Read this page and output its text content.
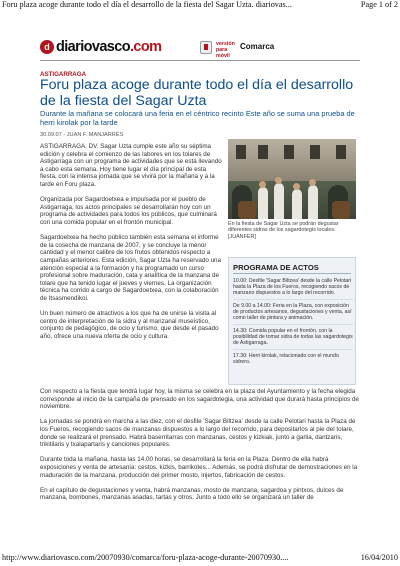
Foru plaza acoge durante todo el día el desarrollo de la fiesta del Sagar Uzta. diariovas...	Page 1 of 2
d diariovasco.com	versión para móvil
Comarca
ASTIGARRAGA
Foru plaza acoge durante todo el día el desarrollo de la fiesta del Sagar Uzta
Durante la mañana se colocará una feria en el céntrico recinto Este año se suma una prueba de herri kirolak por la tarde
30.09.07 - JUAN F. MANJARRÉS

ASTIGARRAGA. DV. Sagar Uzta cumple este año su séptima edición y celebra el comienzo de las labores en los tolares de Astigarraga con un programa de actividades que se está llevando a cabo esta semana. Hoy tiene lugar el día principal de esta fiesta, con la intensa jornada que se vivirá por la mañana y a la tarde en Foru plaza.

Organizada por Sagardoetxea e impulsada por el pueblo de Astigarraga, los actos principales se desarrollarán hoy con un programa de actividades para todos los públicos, que culminará con una comida popular en el frontón municipal.

Sagardoetxea ha hecho público también esta semana el informe de la cosecha de manzana de 2007, y se concluye la menor cantidad y el menor calibre de los frutos obtenidos respecto a campañas anteriores. Esta edición, Sagar Uzta ha reservado una atención especial a la formación y ha programado un curso profesional sobre maduración, cata y analítica de la manzana de tolare que ha tenido lugar el jueves y viernes. La organización técnica ha corrido a cargo de Sagardoetxea, con la colaboración de Itsasmendikoi.

Un buen número de atractivos a los que ha de unirse la visita al centro de interpretación de la sidra y al manzanal museístico, conjunto de pedagógico, de ocio y turismo, que desde el pasado año, ofrece una nueva oferta de ocio y cultura.

En la fiesta de Sagar Uzta se podrán degustar diferentes sidras de los sagardotegis locales. [JUANFER]
PROGRAMA DE ACTOS
10.00: Desfile 'Sagar Biltzea' desde la calle Pelotari hasta la Plaza de los Fueros, recogiendo sacos de manzano dispuestos a lo largo del recorrido.
De 9.00 a 14.00: Feria en la Plaza, con exposición de productos artesanos, degustaciones y venta, así como taller de pintura y animación.
14.30: Comida popular en el frontón, con la posibilidad de tomar sidra de todas las sagardotegis de Astigarraga.
17.30: Herri kirolak, relacionado con el mundo sidrero.

Con respecto a la fiesta que tendrá lugar hoy, la misma se celebra en la plaza del Ayuntamiento y la fecha elegida corresponde al inicio de la campaña de prensado en los sagardotegia, una actividad que durará hasta principios de noviembre.

La jornadas se pondrá en marcha a las diez, con el desfile 'Sagar Biltzea' desde la calle Pelotari hasta la Plaza de los Fueros, recogiendo sacos de manzanas dispuestos a lo largo del recorrido, para depositarlos al pie del tolare, donde se realizará el prensado. Habrá baserritarras con manzanas, cestos y kizkiak, junto a garlia, dantzaris, trikitilaris y txalapartaris y canciones populares.

Durante toda la mañana, hasta las 14.00 horas, se desarrollará la feria en la Plaza. Dentro de ella habrá exposiciones y venta de artesanía: cestos, kizkis, barrikotes... Además, se podrá disfrutar de demostraciones en la maduración de la manzana, producción del primer mosto, injertos, fabricación de cestos.

En el capítulo de degustaciones y venta, habrá manzanas, mosto de manzana, sagardoa y pintxos, dulces de manzana, bombones, manzanas asadas, tartas y otros. Junto a todo ello se organizará un taller de

http://www.diariovasco.com/20070930/comarca/foru-plaza-acoge-durante-20070930....	16/04/2010
